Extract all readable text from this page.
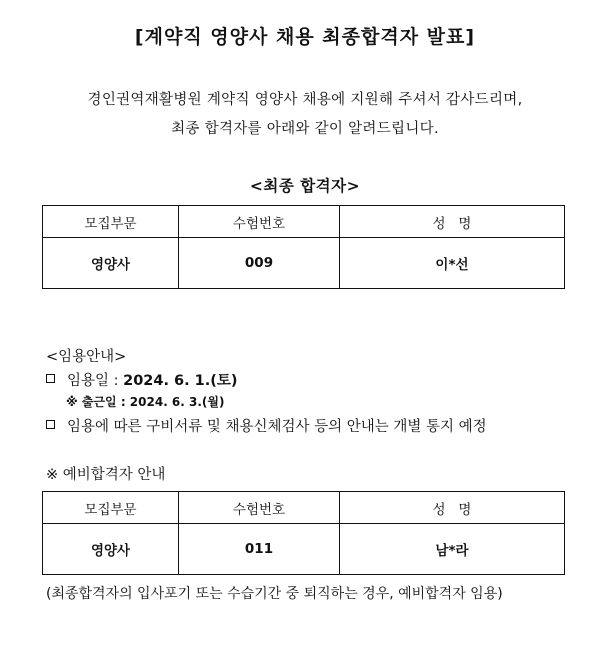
[계약직 영양사 채용 최종합격자 발표]
경인권역재활병원 계약직 영양사 채용에 지원해 주셔서 감사드리며,
최종 합격자를 아래와 같이 알려드립니다.
<최종 합격자>
모집부문	수험번호	성   명
영양사	009	이*선
<임용안내>
임용일 : 2024. 6. 1.(토)
※ 출근일 : 2024. 6. 3.(월)
임용에 따른 구비서류 및 채용신체검사 등의 안내는 개별 통지 예정
※ 예비합격자 안내
모집부문	수험번호	성   명
영양사	011	남*라
(최종합격자의 입사포기 또는 수습기간 중 퇴직하는 경우, 예비합격자 임용)
